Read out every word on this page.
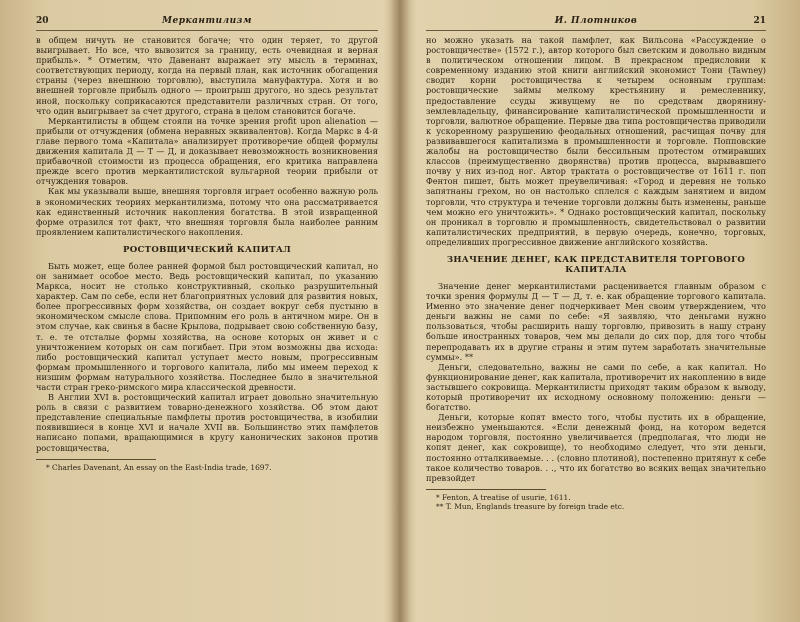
20	Меркантилизм

в общем ничуть не становится богаче; что один теряет, то другой выигрывает. Но все, что вывозится за границу, есть очевидная и верная прибыль». * Отметим, что Давенант выражает эту мысль в терминах, соответствующих периоду, когда на первый план, как источник обогащения страны (через внешнюю торговлю), выступила мануфактура. Хотя и во внешней торговле прибыль одного — проигрыш другого, но здесь результат иной, поскольку соприкасаются представители различных стран. От того, что один выигрывает за счет другого, страна в целом становится богаче.

Меркантилисты в общем стояли на точке зрения profit upon alienation — прибыли от отчуждения (обмена неравных эквивалентов). Когда Маркс в 4-й главе первого тома «Капитала» анализирует противоречие общей формулы движения капитала Д — Т — Д, и доказывает невозможность возникновения прибавочной стоимости из процесса обращения, его критика направлена прежде всего против меркантилистской вульгарной теории прибыли от отчуждения товаров.

Как мы указывали выше, внешняя торговля играет особенно важную роль в экономических теориях меркантилизма, потому что она рассматривается как единственный источник накопления богатства. В этой извращенной форме отразился тот факт, что внешняя торговля была наиболее ранним проявлением капиталистического накопления.

РОСТОВЩИЧЕСКИЙ КАПИТАЛ

Быть может, еще более ранней формой был ростовщический капитал, но он занимает особое место. Ведь ростовщический капитал, по указанию Маркса, носит не столько конструктивный, сколько разрушительный характер. Сам по себе, если нет благоприятных условий для развития новых, более прогрессивных форм хозяйства, он создает вокруг себя пустыню в экономическом смысле слова. Припомним его роль в античном мире. Он в этом случае, как свинья в басне Крылова, подрывает свою собственную базу, т. е. те отсталые формы хозяйства, на основе которых он живет и с уничтожением которых он сам погибает. При этом возможны два исхода: либо ростовщический капитал уступает место новым, прогрессивным формам промышленного и торгового капитала, либо мы имеем переход к низшим формам натурального хозяйства. Последнее было в значительной части стран греко-римского мира классической древности.

В Англии XVI в. ростовщический капитал играет довольно значительную роль в связи с развитием товарно-денежного хозяйства. Об этом дают представление специальные памфлеты против ростовщичества, в изобилии появившиеся в конце XVI и начале XVII вв. Большинство этих памфлетов написано попами, вращающимися в кругу канонических законов против ростовщичества,

* Charles Davenant, An essay on the East-India trade, 1697.

И. Плотников	21

но можно указать на такой памфлет, как Вильсона «Рассуждение о ростовщичестве» (1572 г.), автор которого был светским и довольно видным в политическом отношении лицом. В прекрасном предисловии к современному изданию этой книги английский экономист Тони (Tawney) сводит корни ростовщичества к четырем основным группам: ростовщические займы мелкому крестьянину и ремесленнику, предоставление ссуды живущему не по средствам дворянину-землевладельцу, финансирование капиталистической промышленности и торговли, валютное обращение. Первые два типа ростовщичества приводили к ускоренному разрушению феодальных отношений, расчищая почву для развивавшегося капитализма в промышленности и торговле. Попповские жалобы на ростовщичество были бессильным протестом отмиравших классов (преимущественно дворянства) против процесса, вырывавшего почву у них из-под ног. Автор трактата о ростовщичестве от 1611 г. поп Фентон пишет, быть может преувеличивая: «Город и деревня не только запятнаны грехом, но он настолько сплелся с каждым занятием и видом торговли, что структура и течение торговли должны быть изменены, раньше чем можно его уничтожить». * Однако ростовщический капитал, поскольку он проникал в торговлю и промышленность, свидетельствовал о развитии капиталистических предприятий, в первую очередь, конечно, торговых, определивших прогрессивное движение английского хозяйства.

ЗНАЧЕНИЕ ДЕНЕГ, КАК ПРЕДСТАВИТЕЛЯ ТОРГОВОГО КАПИТАЛА

Значение денег меркантилистами расценивается главным образом с точки зрения формулы Д — Т — Д, т. е. как обращение торгового капитала. Именно это значение денег подчеркивает Мен своим утверждением, что деньги важны не сами по себе: «Я заявляю, что деньгами нужно пользоваться, чтобы расширить нашу торговлю, привозить в нашу страну больше иностранных товаров, чем мы делали до сих пор, для того чтобы перепродавать их в другие страны и этим путем заработать значительные суммы». **

Деньги, следовательно, важны не сами по себе, а как капитал. Но функционирование денег, как капитала, противоречит их накоплению в виде застывшего сокровища. Меркантилисты приходят таким образом к выводу, который противоречит их исходному основному положению: деньги — богатство.

Деньги, которые копят вместо того, чтобы пустить их в обращение, неизбежно уменьшаются. «Если денежный фонд, на котором ведется народом торговля, постоянно увеличивается (предполагая, что люди не копят денег, как сокровище), то необходимо следует, что эти деньги, постоянно отталкиваемые. . . (словно плотиной), постепенно притянут к себе такое количество товаров. . ., что их богатство во всяких вещах значительно превзойдет

* Fenton, A treatise of usurie, 1611.

** T. Mun, Englands treasure by foreign trade etc.
